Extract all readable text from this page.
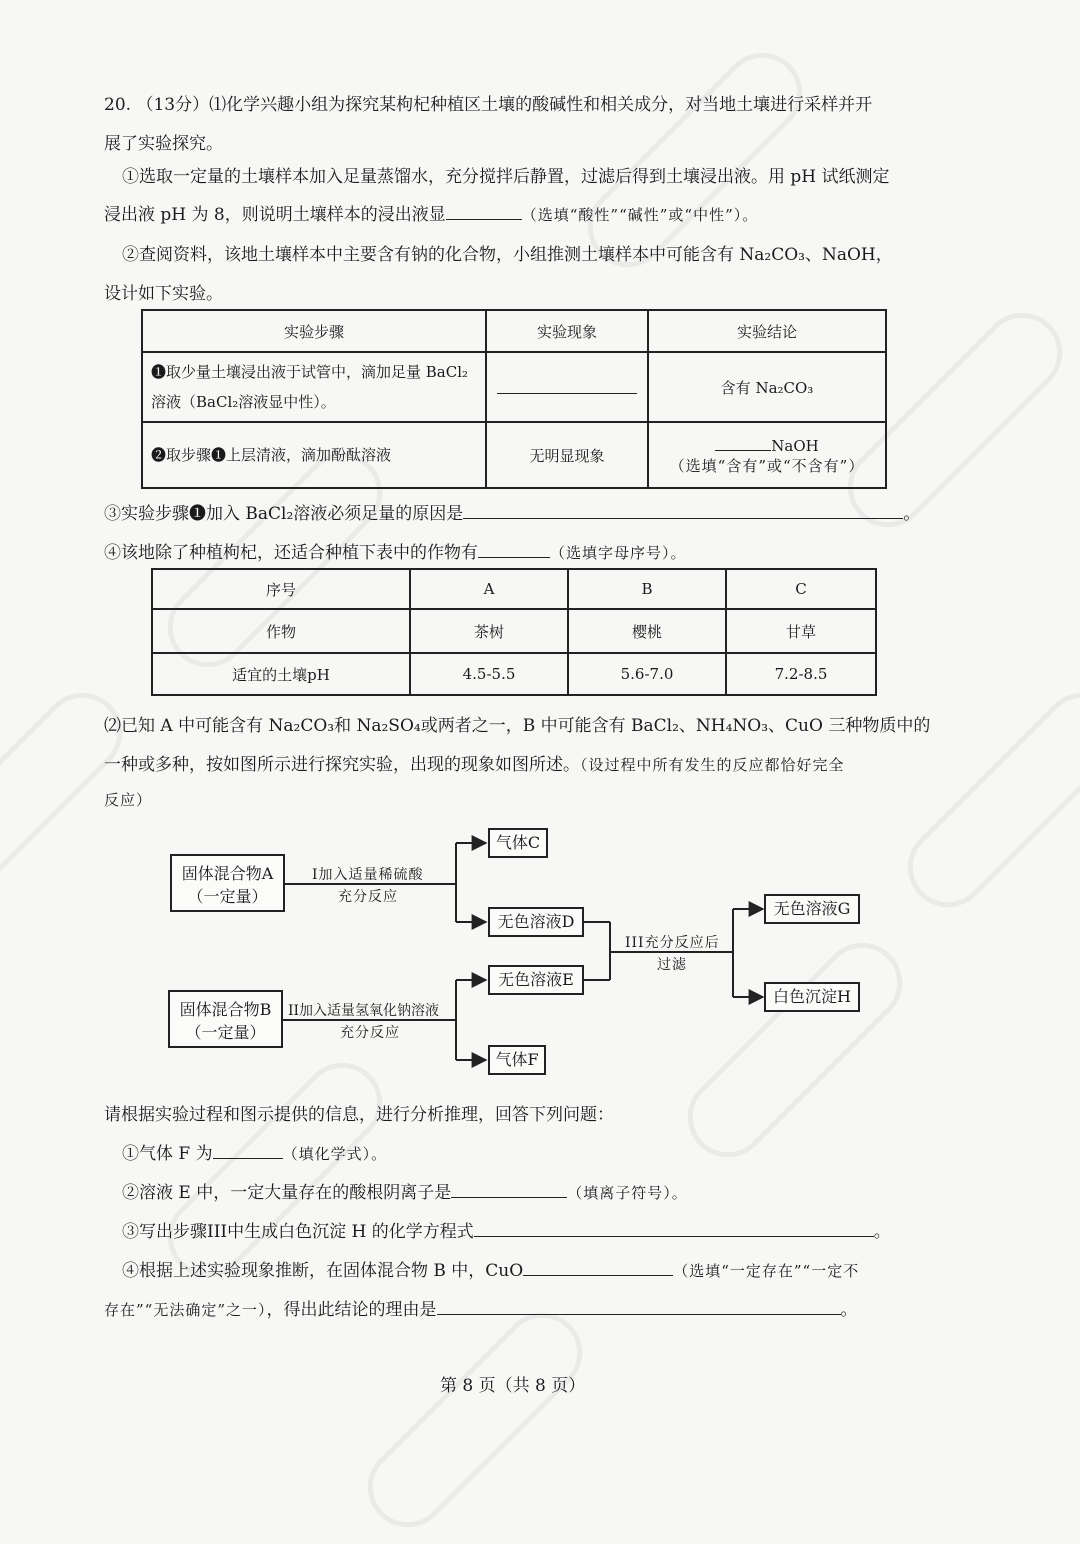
20. （13分）⑴化学兴趣小组为探究某枸杞种植区土壤的酸碱性和相关成分，对当地土壤进行采样并开
展了实验探究。
①选取一定量的土壤样本加入足量蒸馏水，充分搅拌后静置，过滤后得到土壤浸出液。用 pH 试纸测定
浸出液 pH 为 8，则说明土壤样本的浸出液显	（选填“酸性”“碱性”或“中性”）。
②查阅资料，该地土壤样本中主要含有钠的化合物，小组推测土壤样本中可能含有 Na₂CO₃、NaOH，
设计如下实验。
实验步骤	实验现象	实验结论

❶取少量土壤浸出液于试管中，滴加足量 BaCl₂
溶液（BaCl₂溶液显中性）。		含有 Na₂CO₃
❷取步骤❶上层清液，滴加酚酞溶液	无明显现象	NaOH
（选填“含有”或“不含有”）
③实验步骤❶加入 BaCl₂溶液必须足量的原因是	。
④该地除了种植枸杞，还适合种植下表中的作物有	（选填字母序号）。
序号	A	B	C
作物	茶树	樱桃	甘草
适宜的土壤pH	4.5-5.5	5.6-7.0	7.2-8.5
⑵已知 A 中可能含有 Na₂CO₃和 Na₂SO₄或两者之一，B 中可能含有 BaCl₂、NH₄NO₃、CuO 三种物质中的
一种或多种，按如图所示进行探究实验，出现的现象如图所述。（设过程中所有发生的反应都恰好完全
反应）
固体混合物A
（一定量）
固体混合物B
（一定量）
I加入适量稀硫酸
充分反应
II加入适量氢氧化钠溶液
充分反应
III充分反应后
过滤
气体C
无色溶液D
无色溶液E
气体F
无色溶液G
白色沉淀H
请根据实验过程和图示提供的信息，进行分析推理，回答下列问题：
①气体 F 为	（填化学式）。
②溶液 E 中，一定大量存在的酸根阴离子是	（填离子符号）。
③写出步骤III中生成白色沉淀 H 的化学方程式	。
④根据上述实验现象推断，在固体混合物 B 中，CuO	（选填“一定存在”“一定不
存在”“无法确定”之一），得出此结论的理由是	。
第 8 页（共 8 页）
